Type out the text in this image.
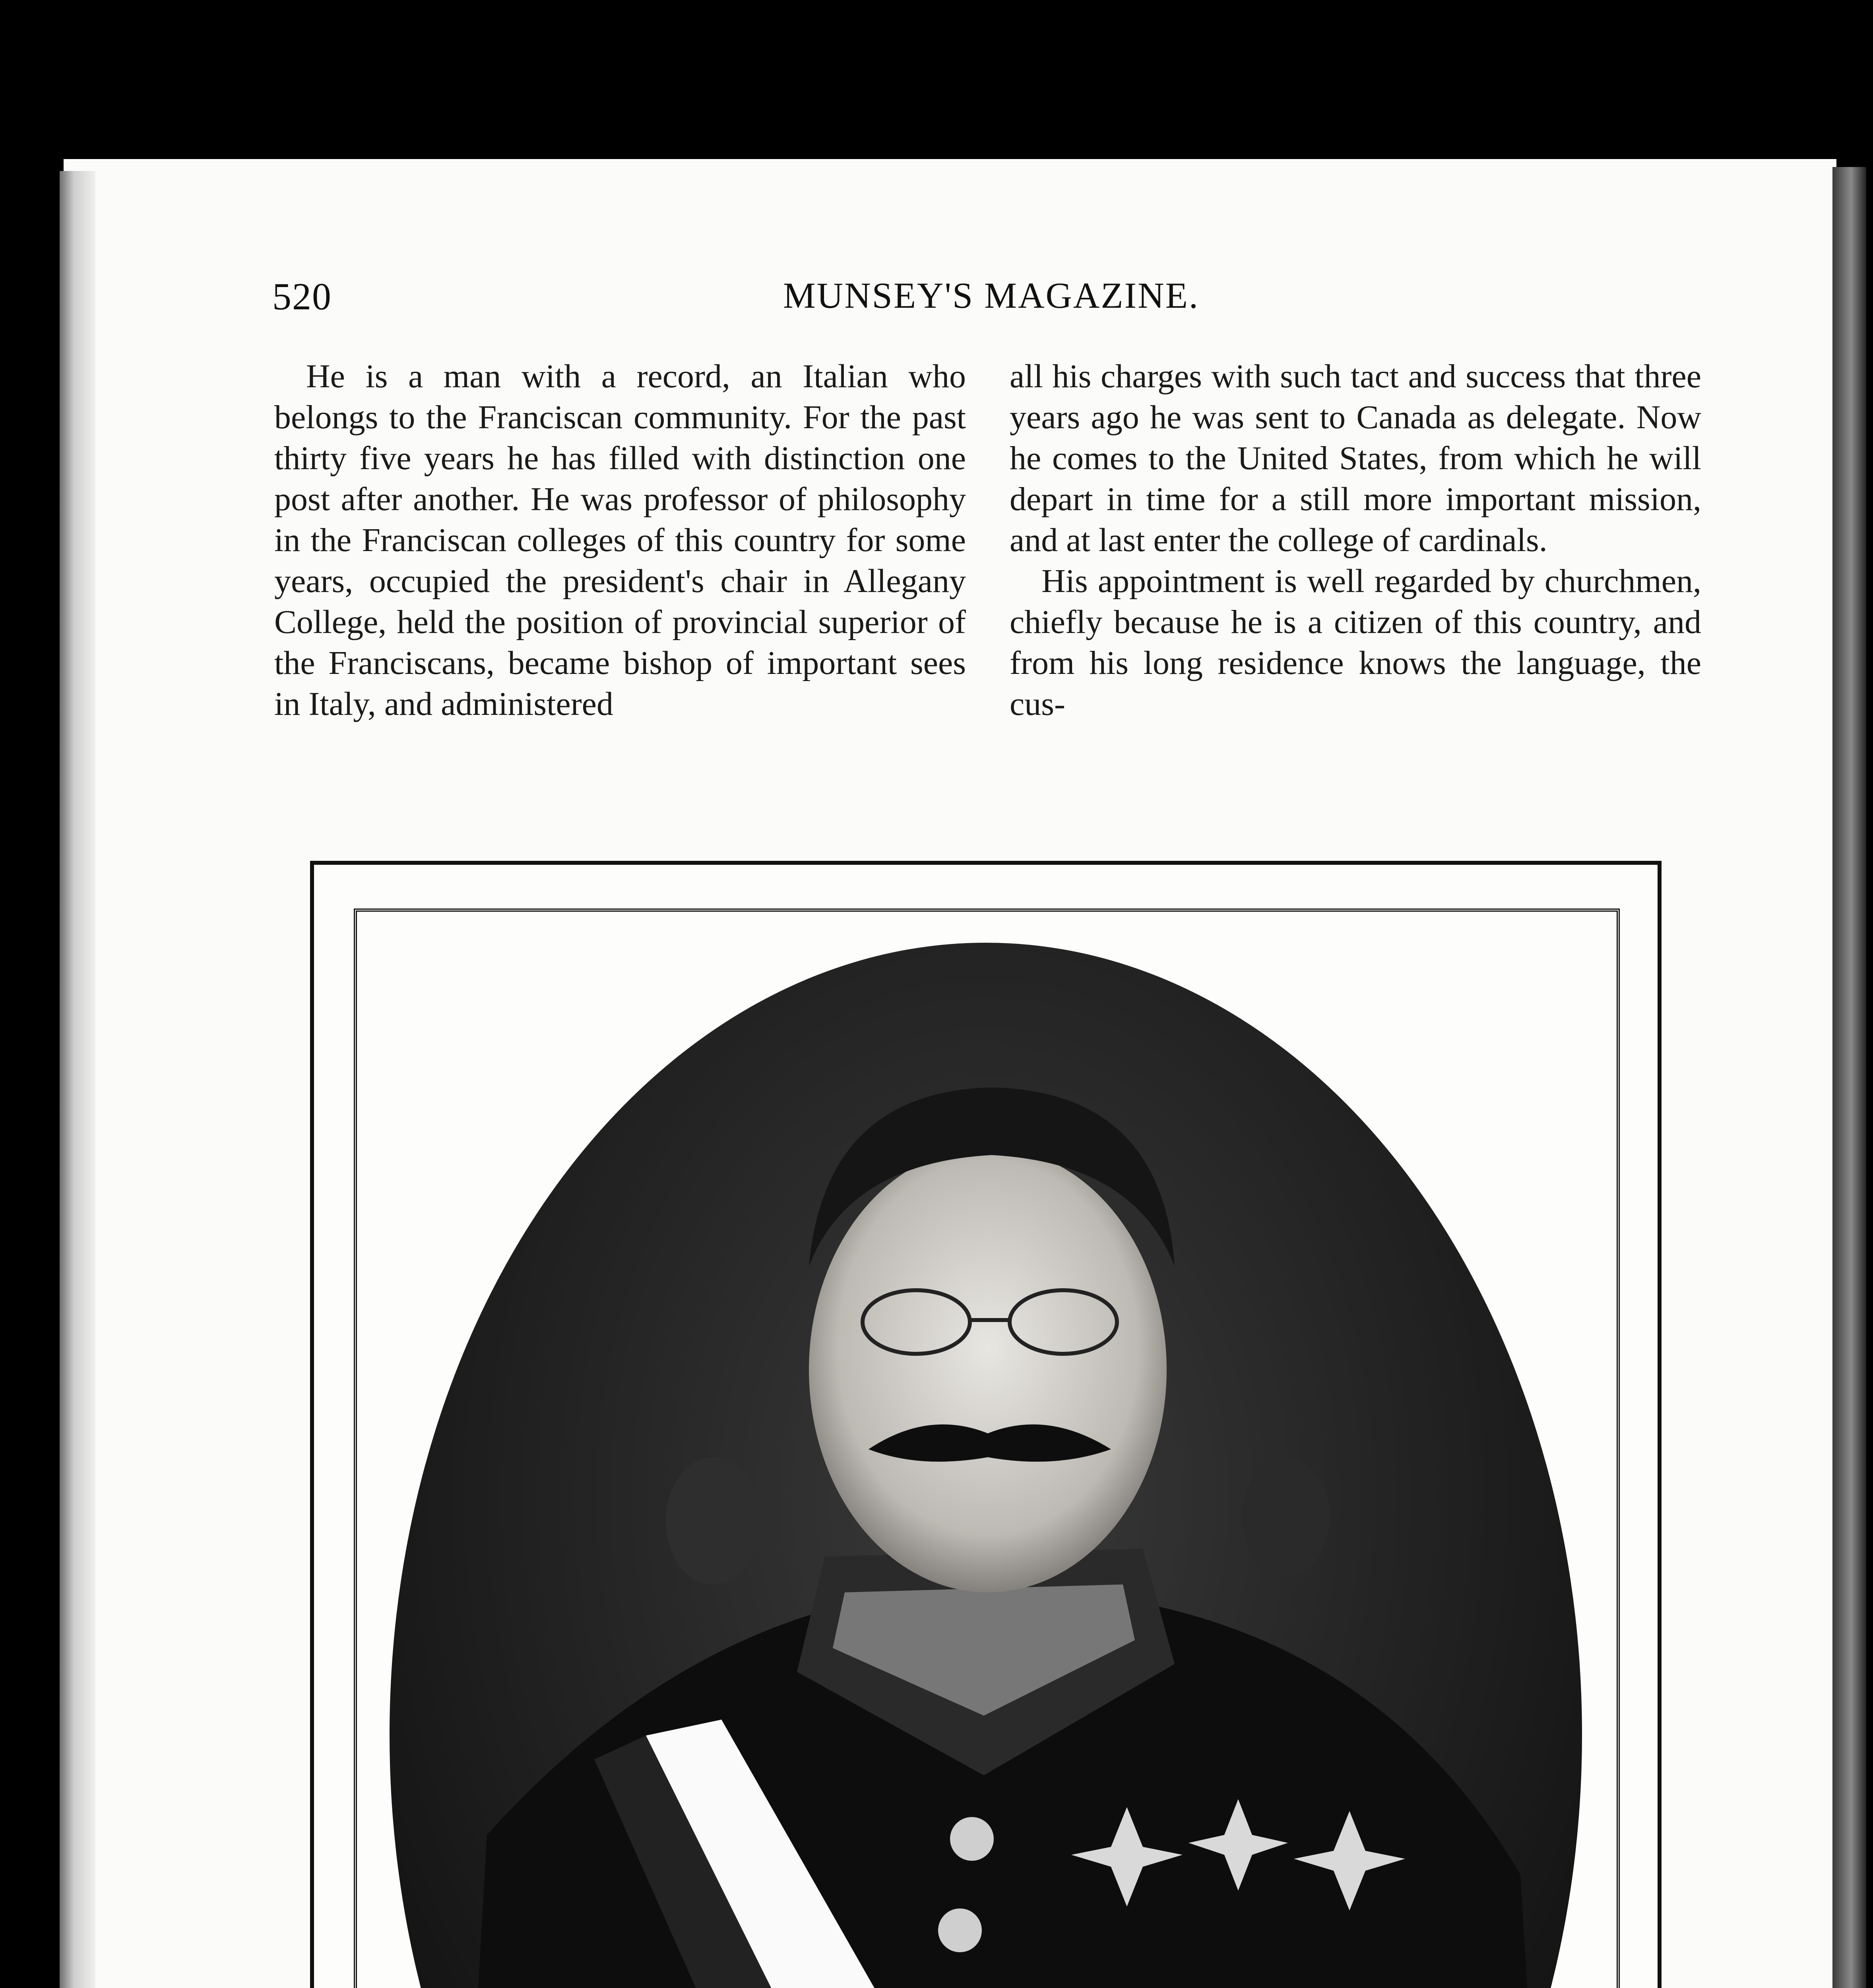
520	MUNSEY'S MAGAZINE.

He is a man with a record, an Italian who belongs to the Franciscan community. For the past thirty five years he has filled with distinction one post after another. He was professor of philosophy in the Franciscan colleges of this country for some years, occupied the president's chair in Allegany College, held the position of provincial superior of the Franciscans, became bishop of important sees in Italy, and administered

all his charges with such tact and success that three years ago he was sent to Canada as delegate. Now he comes to the United States, from which he will depart in time for a still more important mission, and at last enter the college of cardinals.

His appointment is well regarded by churchmen, chiefly because he is a citizen of this country, and from his long residence knows the language, the cus-
